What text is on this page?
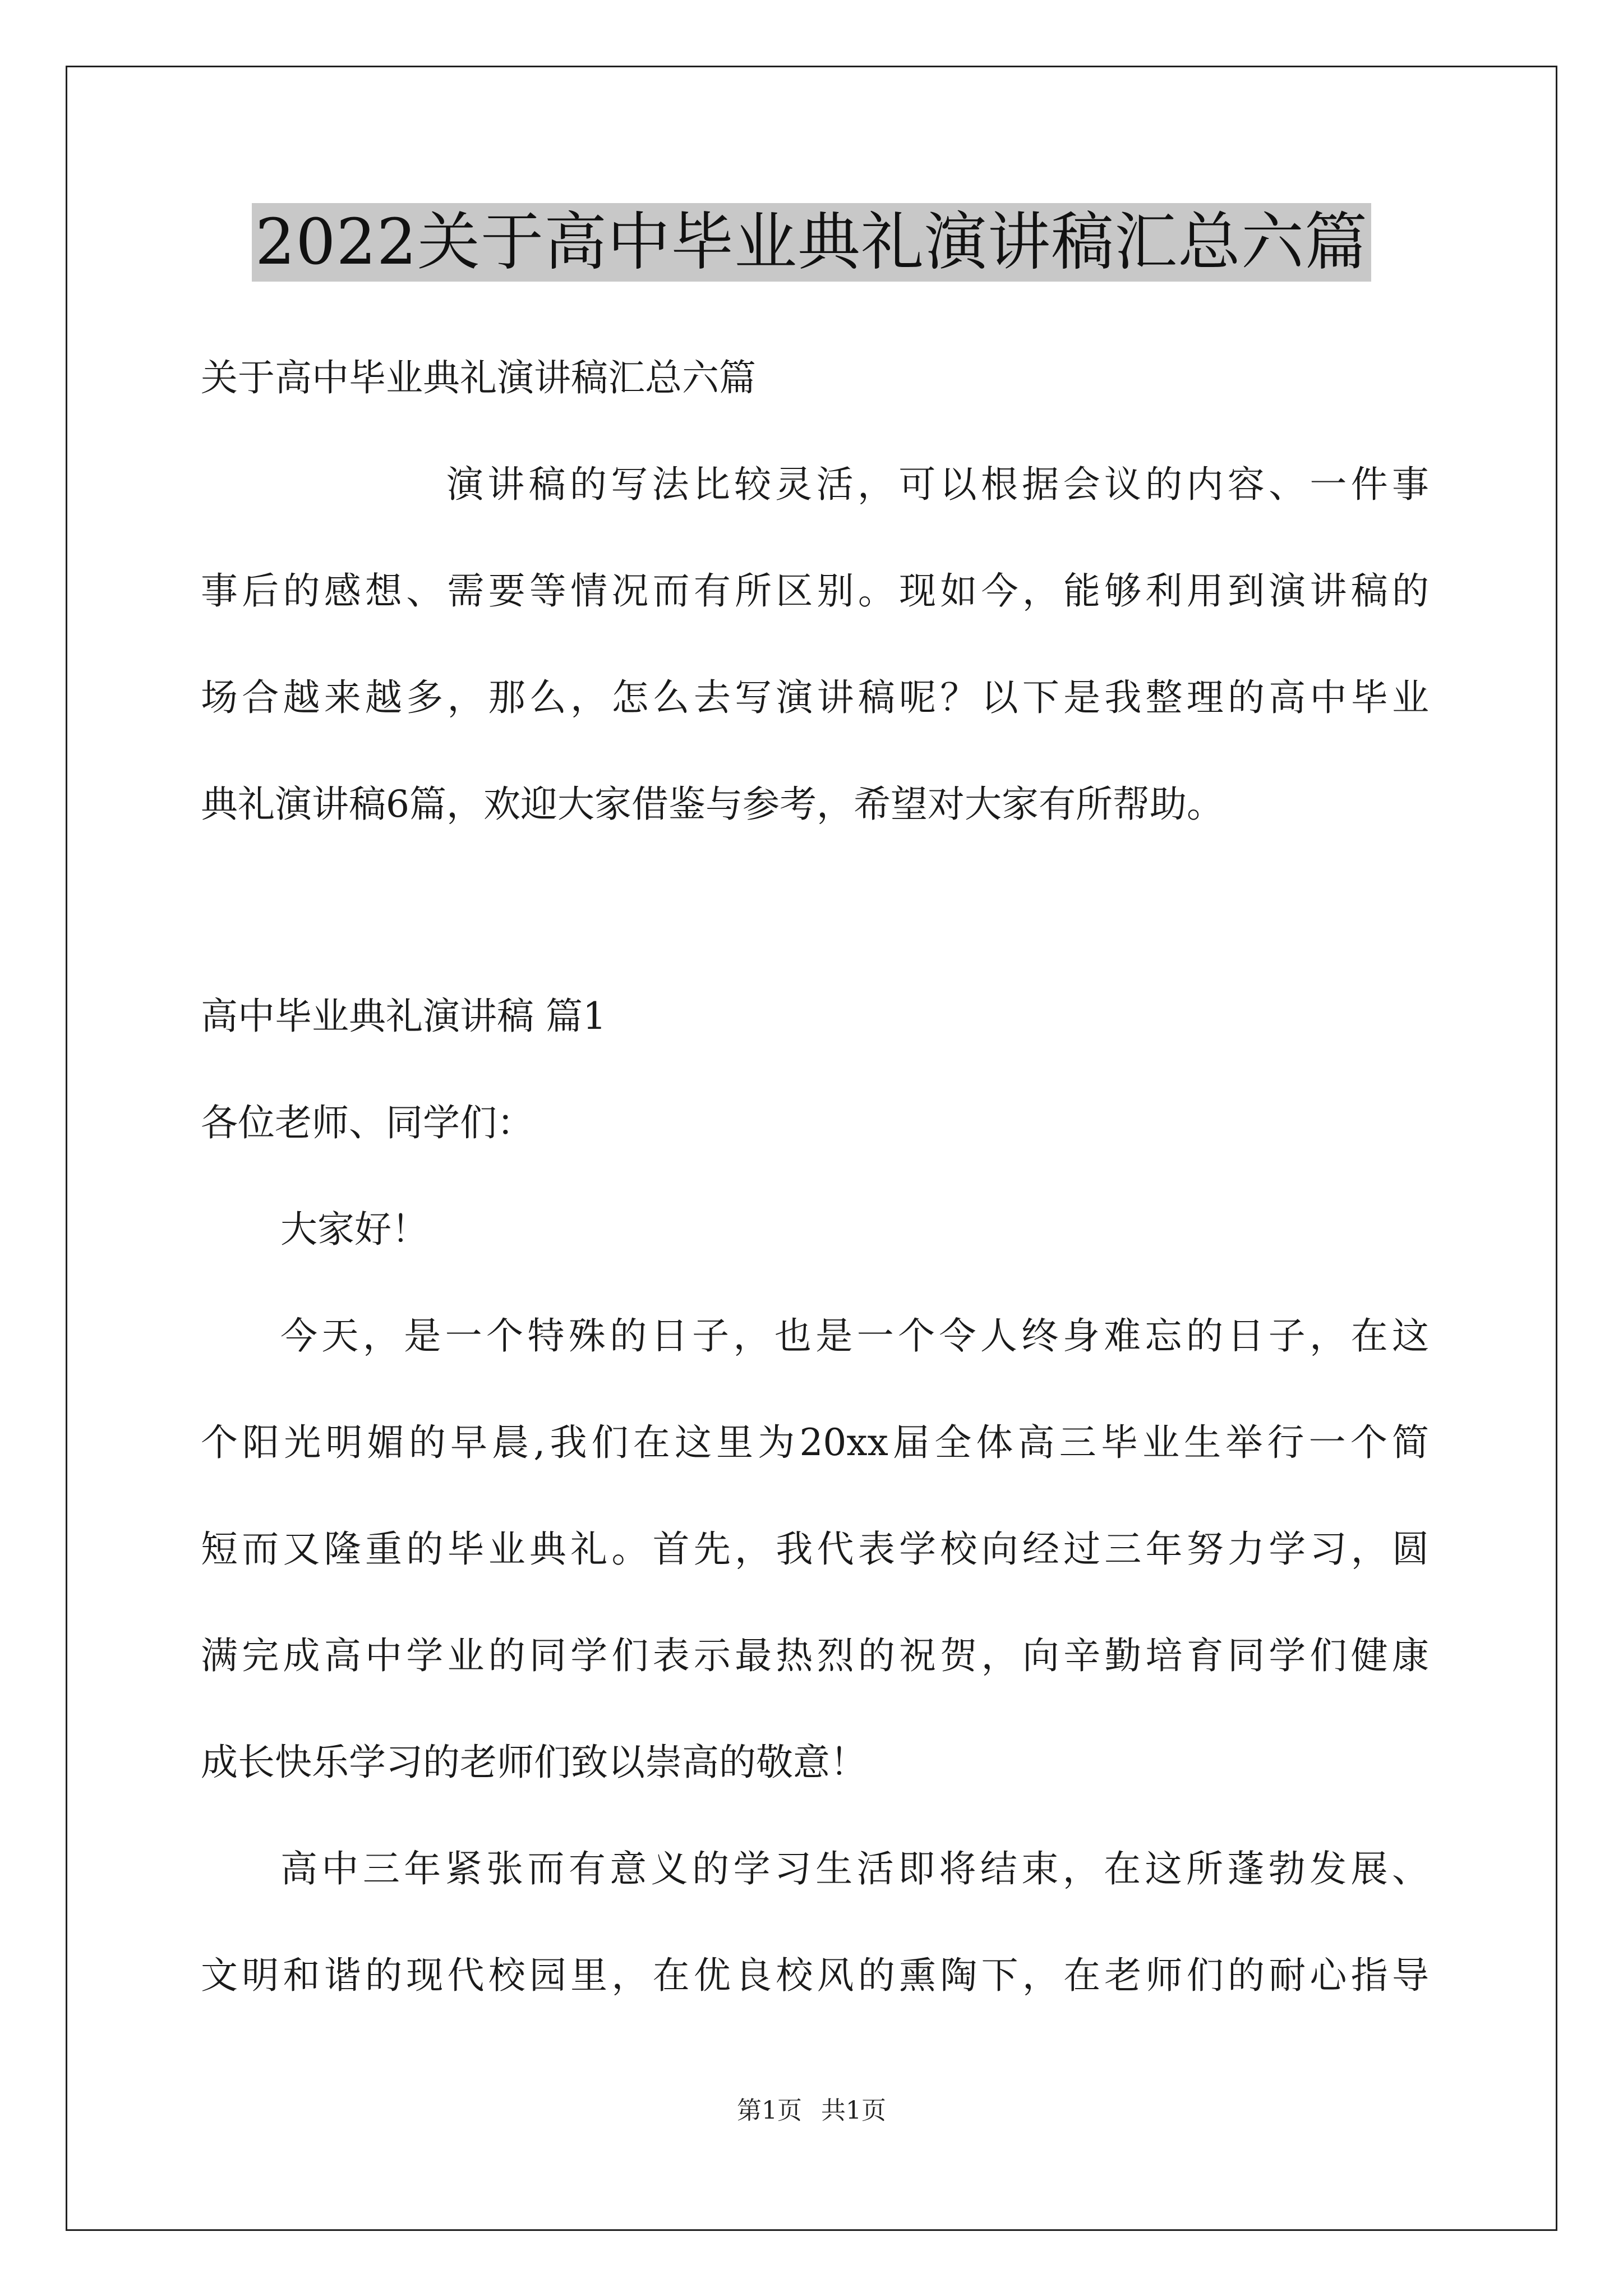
2022关于高中毕业典礼演讲稿汇总六篇
关于高中毕业典礼演讲稿汇总六篇
演讲稿的写法比较灵活，可以根据会议的内容、一件事
事后的感想、需要等情况而有所区别。现如今，能够利用到演讲稿的
场合越来越多，那么，怎么去写演讲稿呢？以下是我整理的高中毕业
典礼演讲稿6篇，欢迎大家借鉴与参考，希望对大家有所帮助。
高中毕业典礼演讲稿 篇1
各位老师、同学们：
大家好！
今天，是一个特殊的日子，也是一个令人终身难忘的日子，在这
个阳光明媚的早晨,我们在这里为20xx届全体高三毕业生举行一个简
短而又隆重的毕业典礼。首先，我代表学校向经过三年努力学习，圆
满完成高中学业的同学们表示最热烈的祝贺，向辛勤培育同学们健康
成长快乐学习的老师们致以崇高的敬意！
高中三年紧张而有意义的学习生活即将结束，在这所蓬勃发展、
文明和谐的现代校园里，在优良校风的熏陶下，在老师们的耐心指导
第1页 共1页
